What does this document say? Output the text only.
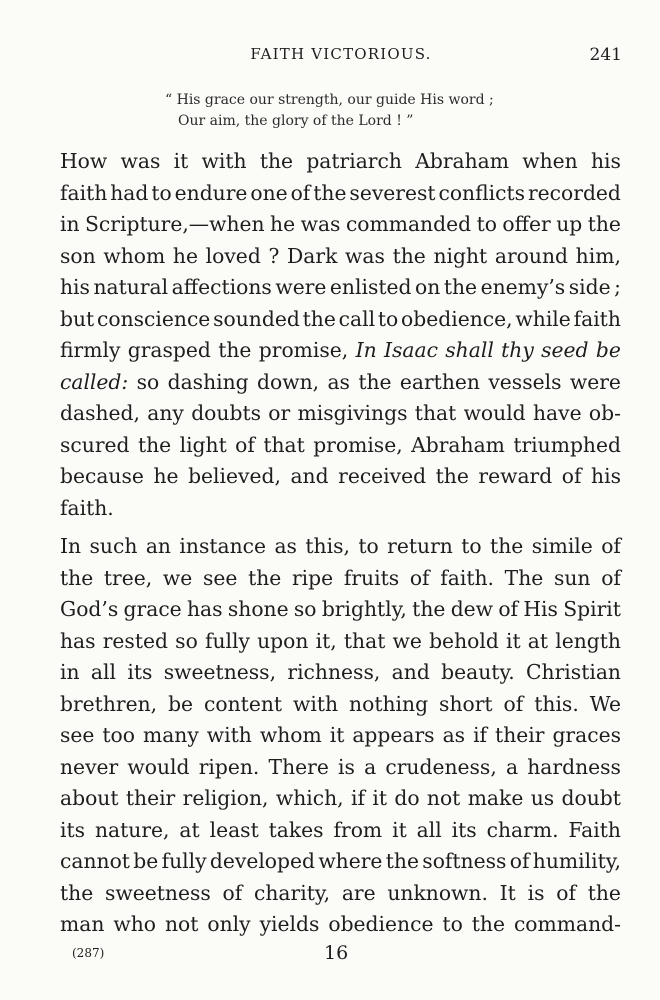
FAITH VICTORIOUS.	241
“ His grace our strength, our guide His word ;
Our aim, the glory of the Lord ! ”
How was it with the patriarch Abraham when his
faith had to endure one of the severest conflicts recorded
in Scripture,—when he was commanded to offer up the
son whom he loved ? Dark was the night around him,
his natural affections were enlisted on the enemy’s side ;
but conscience sounded the call to obedience, while faith
firmly grasped the promise, In Isaac shall thy seed be
called: so dashing down, as the earthen vessels were
dashed, any doubts or misgivings that would have ob-
scured the light of that promise, Abraham triumphed
because he believed, and received the reward of his
faith.
In such an instance as this, to return to the simile of
the tree, we see the ripe fruits of faith. The sun of
God’s grace has shone so brightly, the dew of His Spirit
has rested so fully upon it, that we behold it at length
in all its sweetness, richness, and beauty. Christian
brethren, be content with nothing short of this. We
see too many with whom it appears as if their graces
never would ripen. There is a crudeness, a hardness
about their religion, which, if it do not make us doubt
its nature, at least takes from it all its charm. Faith
cannot be fully developed where the softness of humility,
the sweetness of charity, are unknown. It is of the
man who not only yields obedience to the command-
(287)	16
